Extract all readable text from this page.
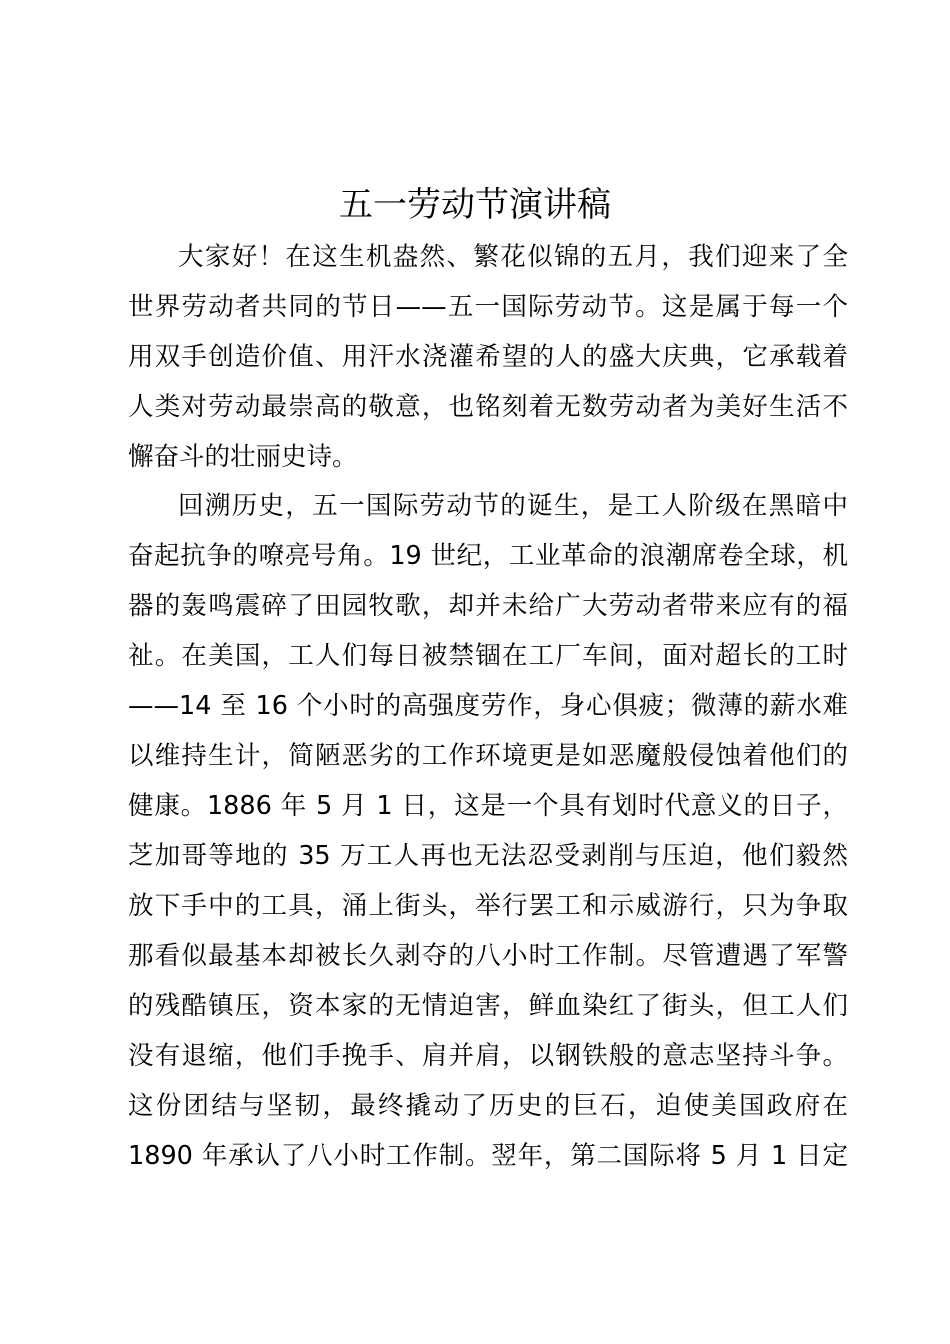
五一劳动节演讲稿
大家好！在这生机盎然、繁花似锦的五月，我们迎来了全
世界劳动者共同的节日——五一国际劳动节。这是属于每一个
用双手创造价值、用汗水浇灌希望的人的盛大庆典，它承载着
人类对劳动最崇高的敬意，也铭刻着无数劳动者为美好生活不
懈奋斗的壮丽史诗。
回溯历史，五一国际劳动节的诞生，是工人阶级在黑暗中
奋起抗争的嘹亮号角。19 世纪，工业革命的浪潮席卷全球，机
器的轰鸣震碎了田园牧歌，却并未给广大劳动者带来应有的福
祉。在美国，工人们每日被禁锢在工厂车间，面对超长的工时
——14 至 16 个小时的高强度劳作，身心俱疲；微薄的薪水难
以维持生计，简陋恶劣的工作环境更是如恶魔般侵蚀着他们的
健康。1886 年 5 月 1 日，这是一个具有划时代意义的日子，
芝加哥等地的 35 万工人再也无法忍受剥削与压迫，他们毅然
放下手中的工具，涌上街头，举行罢工和示威游行，只为争取
那看似最基本却被长久剥夺的八小时工作制。尽管遭遇了军警
的残酷镇压，资本家的无情迫害，鲜血染红了街头，但工人们
没有退缩，他们手挽手、肩并肩，以钢铁般的意志坚持斗争。
这份团结与坚韧，最终撬动了历史的巨石，迫使美国政府在
1890 年承认了八小时工作制。翌年，第二国际将 5 月 1 日定
